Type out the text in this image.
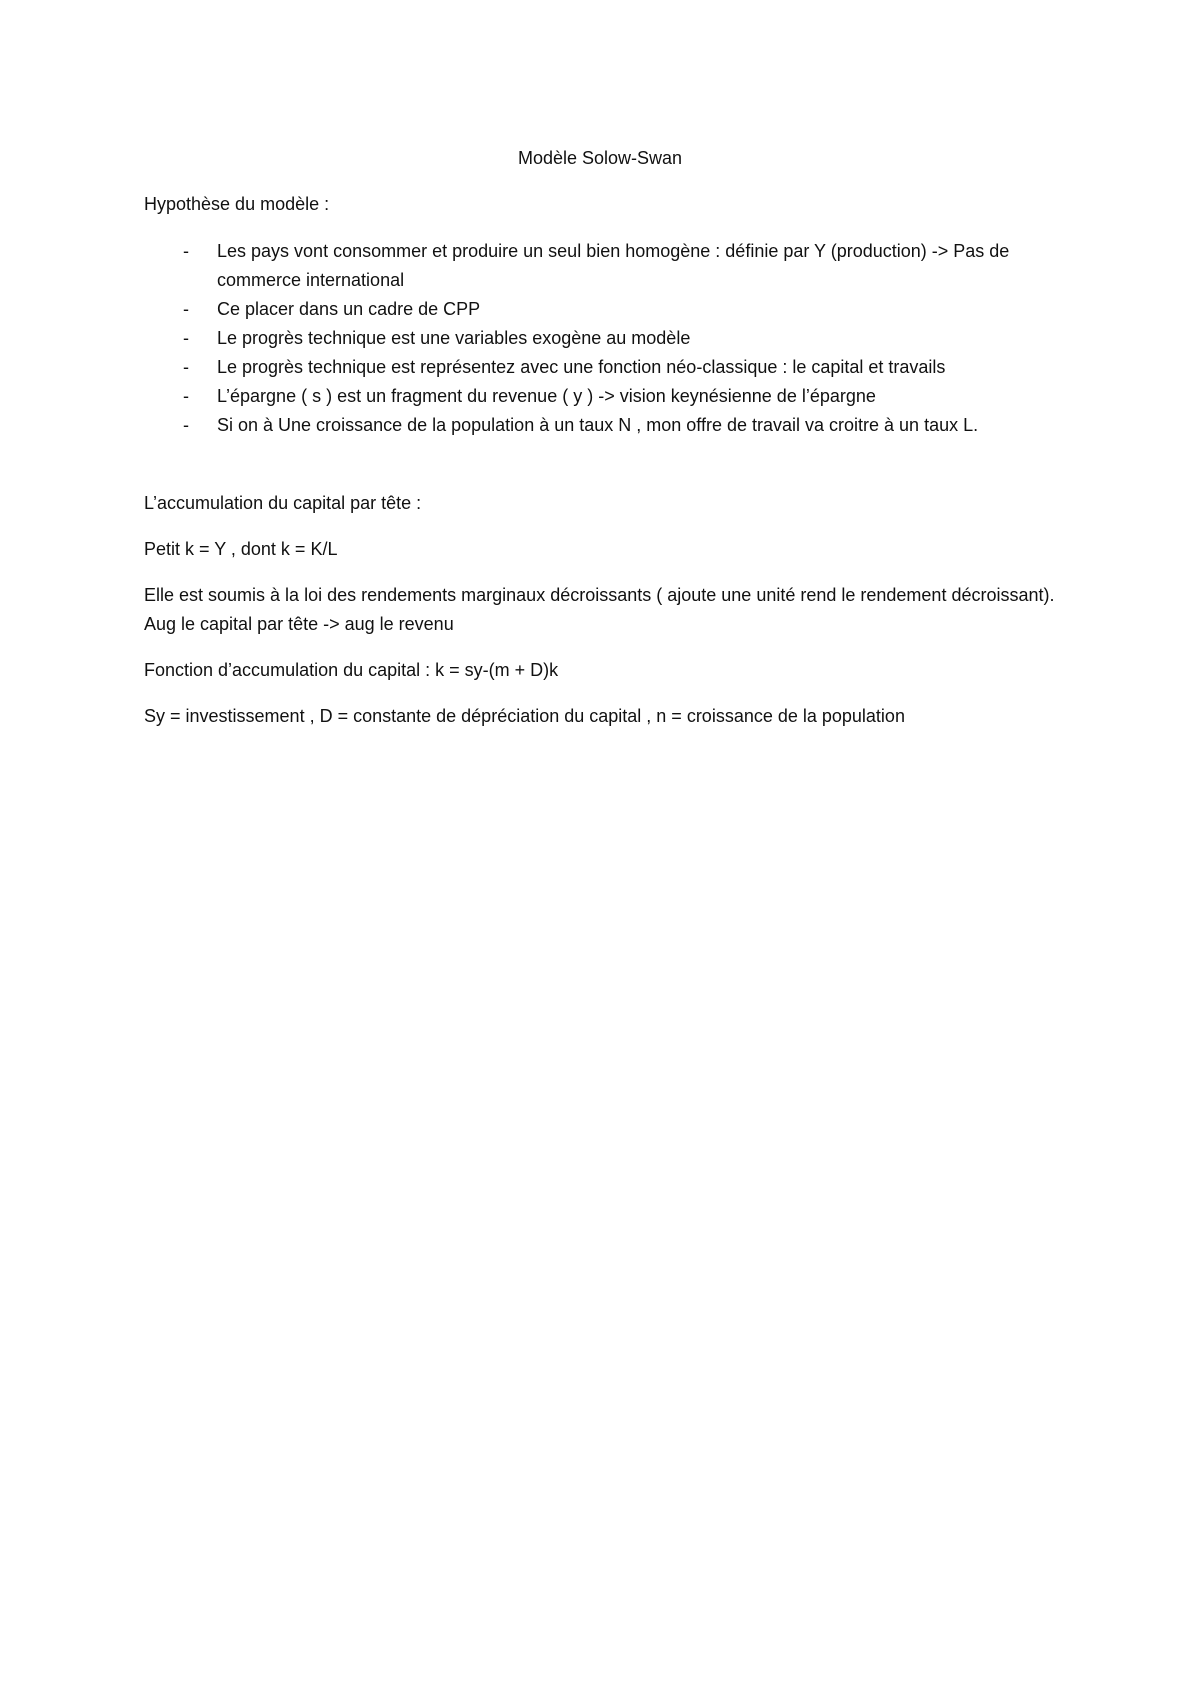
Modèle Solow-Swan

Hypothèse du modèle :

- Les pays vont consommer et produire un seul bien homogène : définie par Y (production) -> Pas de commerce international
- Ce placer dans un cadre de CPP
- Le progrès technique est une variables exogène au modèle
- Le progrès technique est représentez avec une fonction néo-classique : le capital et travails
- L’épargne ( s ) est un fragment du revenue ( y ) -> vision keynésienne de l’épargne
- Si on à Une croissance de la population à un taux N , mon offre de travail va croitre à un taux L.

L’accumulation du capital par tête :

Petit k = Y , dont k = K/L

Elle est soumis à la loi des rendements marginaux décroissants ( ajoute une unité rend le rendement décroissant). Aug le capital par tête -> aug le revenu

Fonction d’accumulation du capital : k = sy-(m + D)k

Sy = investissement , D = constante de dépréciation du capital , n = croissance de la population
